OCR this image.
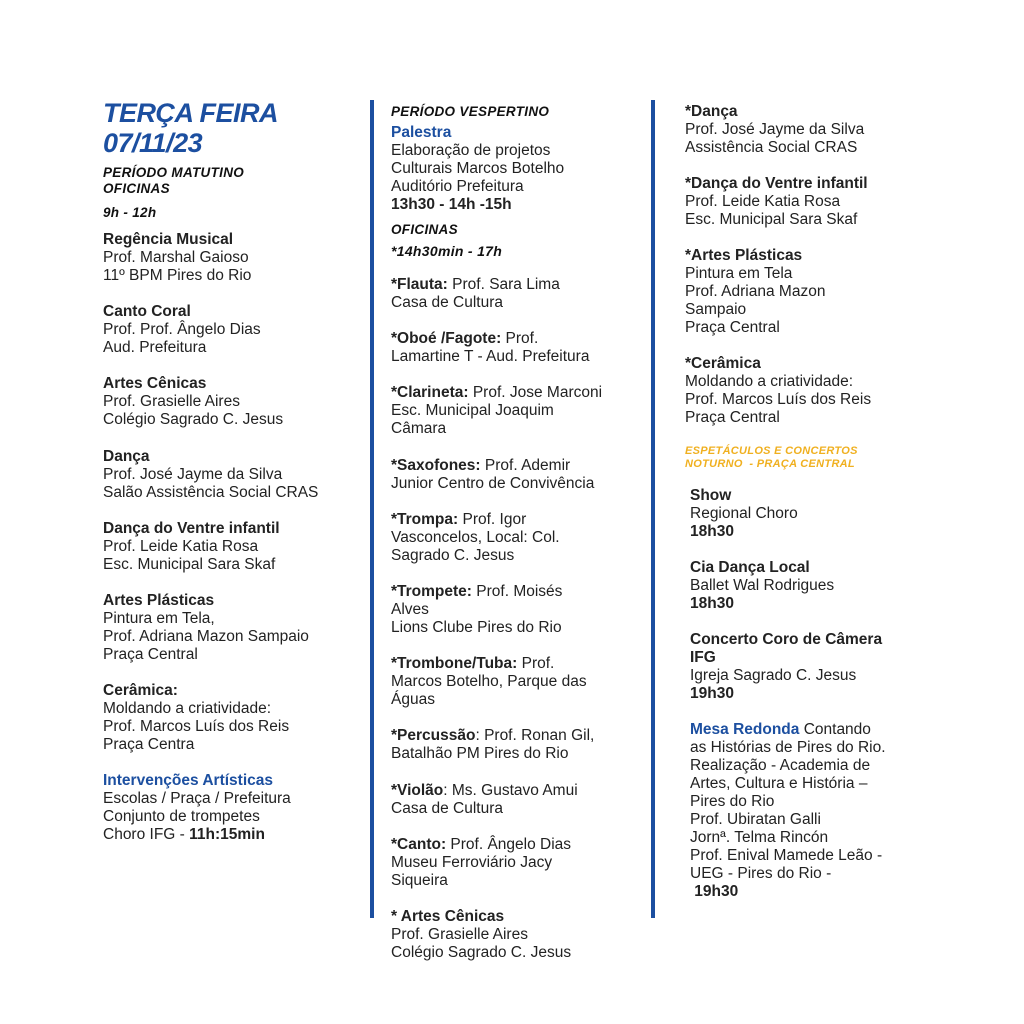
TERÇA FEIRA
07/11/23
PERÍODO MATUTINO
OFICINAS
9h - 12h
Regência Musical
Prof. Marshal Gaioso
11º BPM Pires do Rio
Canto Coral
Prof. Prof. Ângelo Dias
Aud. Prefeitura
Artes Cênicas
Prof. Grasielle Aires
Colégio Sagrado C. Jesus
Dança
Prof. José Jayme da Silva
Salão Assistência Social CRAS
Dança do Ventre infantil
Prof. Leide Katia Rosa
Esc. Municipal Sara Skaf
Artes Plásticas
Pintura em Tela,
Prof. Adriana Mazon Sampaio
Praça Central
Cerâmica:
Moldando a criatividade:
Prof. Marcos Luís dos Reis
Praça Centra
Intervenções Artísticas
Escolas / Praça / Prefeitura
Conjunto de trompetes
Choro IFG - 11h:15min
PERÍODO VESPERTINO
Palestra
Elaboração de projetos
Culturais Marcos Botelho
Auditório Prefeitura
13h30 - 14h -15h
OFICINAS
*14h30min - 17h
*Flauta: Prof. Sara Lima
Casa de Cultura
*Oboé /Fagote: Prof.
Lamartine T - Aud. Prefeitura
*Clarineta: Prof. Jose Marconi
Esc. Municipal Joaquim
Câmara
*Saxofones: Prof. Ademir
Junior Centro de Convivência
*Trompa: Prof. Igor
Vasconcelos, Local: Col.
Sagrado C. Jesus
*Trompete: Prof. Moisés
Alves
Lions Clube Pires do Rio
*Trombone/Tuba: Prof.
Marcos Botelho, Parque das
Águas
*Percussão: Prof. Ronan Gil,
Batalhão PM Pires do Rio
*Violão: Ms. Gustavo Amui
Casa de Cultura
*Canto: Prof. Ângelo Dias
Museu Ferroviário Jacy
Siqueira
* Artes Cênicas
Prof. Grasielle Aires
Colégio Sagrado C. Jesus
*Dança
Prof. José Jayme da Silva
Assistência Social CRAS
*Dança do Ventre infantil
Prof. Leide Katia Rosa
Esc. Municipal Sara Skaf
*Artes Plásticas
Pintura em Tela
Prof. Adriana Mazon
Sampaio
Praça Central
*Cerâmica
Moldando a criatividade:
Prof. Marcos Luís dos Reis
Praça Central
ESPETÁCULOS E CONCERTOS
NOTURNO  - PRAÇA CENTRAL
Show
Regional Choro
18h30
Cia Dança Local
Ballet Wal Rodrigues
18h30
Concerto Coro de Câmera
IFG
Igreja Sagrado C. Jesus
19h30
Mesa Redonda Contando
as Histórias de Pires do Rio.
Realização - Academia de
Artes, Cultura e História –
Pires do Rio
Prof. Ubiratan Galli
Jornª. Telma Rincón
Prof. Enival Mamede Leão -
UEG - Pires do Rio -
19h30
